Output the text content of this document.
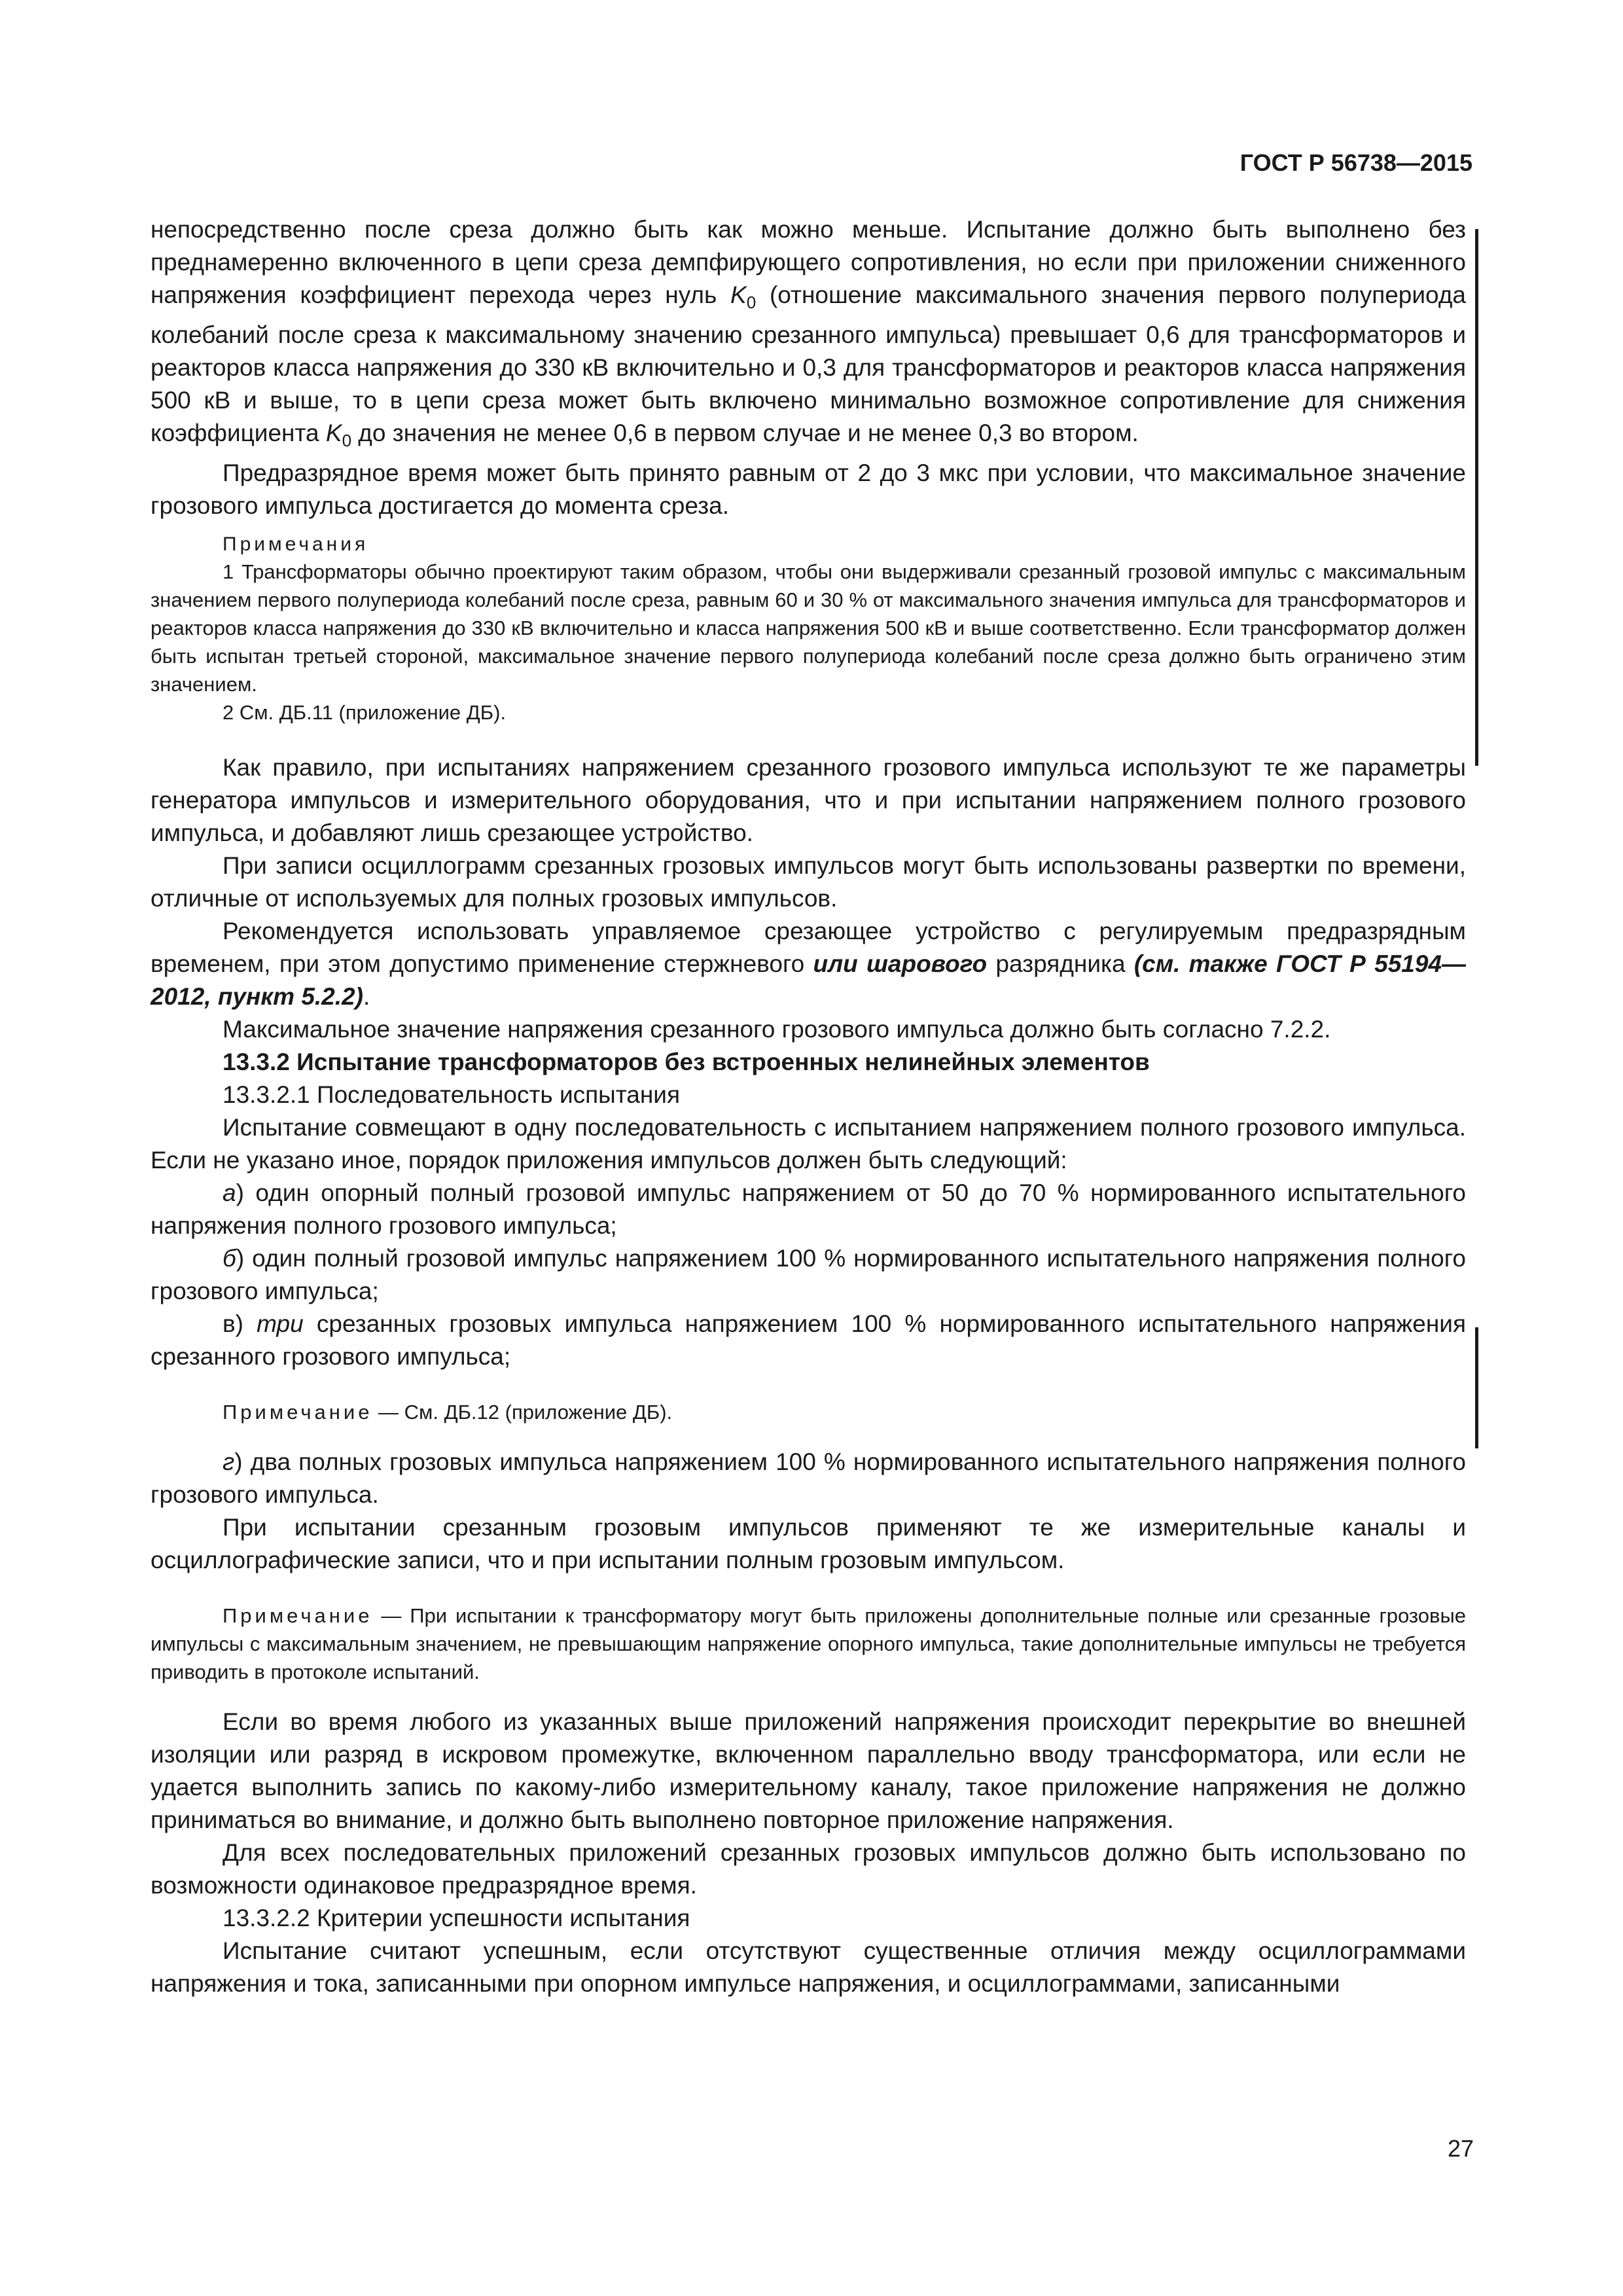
ГОСТ Р 56738—2015

непосредственно после среза должно быть как можно меньше. Испытание должно быть выполнено без преднамеренно включенного в цепи среза демпфирующего сопротивления, но если при приложении сниженного напряжения коэффициент перехода через нуль $K_0$ (отношение максимального значения первого полупериода колебаний после среза к максимальному значению срезанного импульса) превышает 0,6 для трансформаторов и реакторов класса напряжения до 330 кВ включительно и 0,3 для трансформаторов и реакторов класса напряжения 500 кВ и выше, то в цепи среза может быть включено минимально возможное сопротивление для снижения коэффициента $K_0$ до значения не менее 0,6 в первом случае и не менее 0,3 во втором.

Предразрядное время может быть принято равным от 2 до 3 мкс при условии, что максимальное значение грозового импульса достигается до момента среза.

Примечания

1 Трансформаторы обычно проектируют таким образом, чтобы они выдерживали срезанный грозовой импульс с максимальным значением первого полупериода колебаний после среза, равным 60 и 30 % от максимального значения импульса для трансформаторов и реакторов класса напряжения до 330 кВ включительно и класса напряжения 500 кВ и выше соответственно. Если трансформатор должен быть испытан третьей стороной, максимальное значение первого полупериода колебаний после среза должно быть ограничено этим значением.

2 См. ДБ.11 (приложение ДБ).

Как правило, при испытаниях напряжением срезанного грозового импульса используют те же параметры генератора импульсов и измерительного оборудования, что и при испытании напряжением полного грозового импульса, и добавляют лишь срезающее устройство.

При записи осциллограмм срезанных грозовых импульсов могут быть использованы развертки по времени, отличные от используемых для полных грозовых импульсов.

Рекомендуется использовать управляемое срезающее устройство с регулируемым предразрядным временем, при этом допустимо применение стержневого или шарового разрядника (см. также ГОСТ Р 55194—2012, пункт 5.2.2).

Максимальное значение напряжения срезанного грозового импульса должно быть согласно 7.2.2.

13.3.2 Испытание трансформаторов без встроенных нелинейных элементов

13.3.2.1 Последовательность испытания

Испытание совмещают в одну последовательность с испытанием напряжением полного грозового импульса. Если не указано иное, порядок приложения импульсов должен быть следующий:

а) один опорный полный грозовой импульс напряжением от 50 до 70 % нормированного испытательного напряжения полного грозового импульса;

б) один полный грозовой импульс напряжением 100 % нормированного испытательного напряжения полного грозового импульса;

в) три срезанных грозовых импульса напряжением 100 % нормированного испытательного напряжения срезанного грозового импульса;

Примечание — См. ДБ.12 (приложение ДБ).

г) два полных грозовых импульса напряжением 100 % нормированного испытательного напряжения полного грозового импульса.

При испытании срезанным грозовым импульсов применяют те же измерительные каналы и осциллографические записи, что и при испытании полным грозовым импульсом.

Примечание — При испытании к трансформатору могут быть приложены дополнительные полные или срезанные грозовые импульсы с максимальным значением, не превышающим напряжение опорного импульса, такие дополнительные импульсы не требуется приводить в протоколе испытаний.

Если во время любого из указанных выше приложений напряжения происходит перекрытие во внешней изоляции или разряд в искровом промежутке, включенном параллельно вводу трансформатора, или если не удается выполнить запись по какому-либо измерительному каналу, такое приложение напряжения не должно приниматься во внимание, и должно быть выполнено повторное приложение напряжения.

Для всех последовательных приложений срезанных грозовых импульсов должно быть использовано по возможности одинаковое предразрядное время.

13.3.2.2 Критерии успешности испытания

Испытание считают успешным, если отсутствуют существенные отличия между осциллограммами напряжения и тока, записанными при опорном импульсе напряжения, и осциллограммами, записанными

27
